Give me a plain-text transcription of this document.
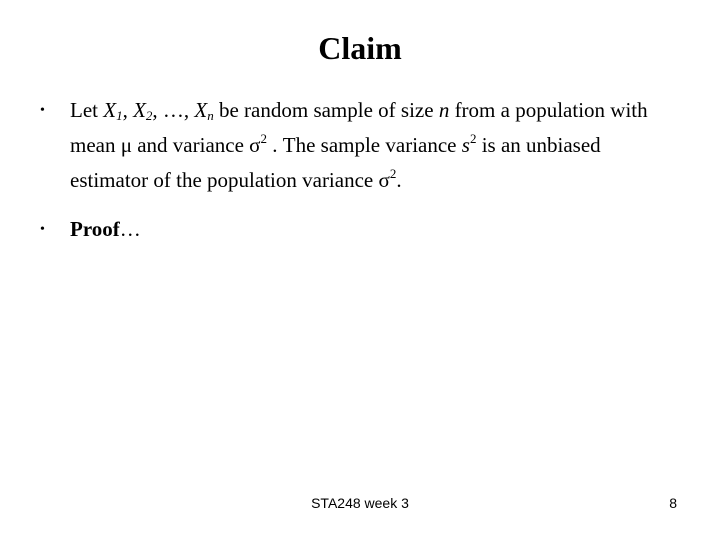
Claim
• Let $X_1$, $X_2$, …, $X_n$ be random sample of size n from a population with mean μ and variance $\sigma^2$ . The sample variance $s^2$ is an unbiased estimator of the population variance $\sigma^2$.
• Proof…
STA248 week 3	8
